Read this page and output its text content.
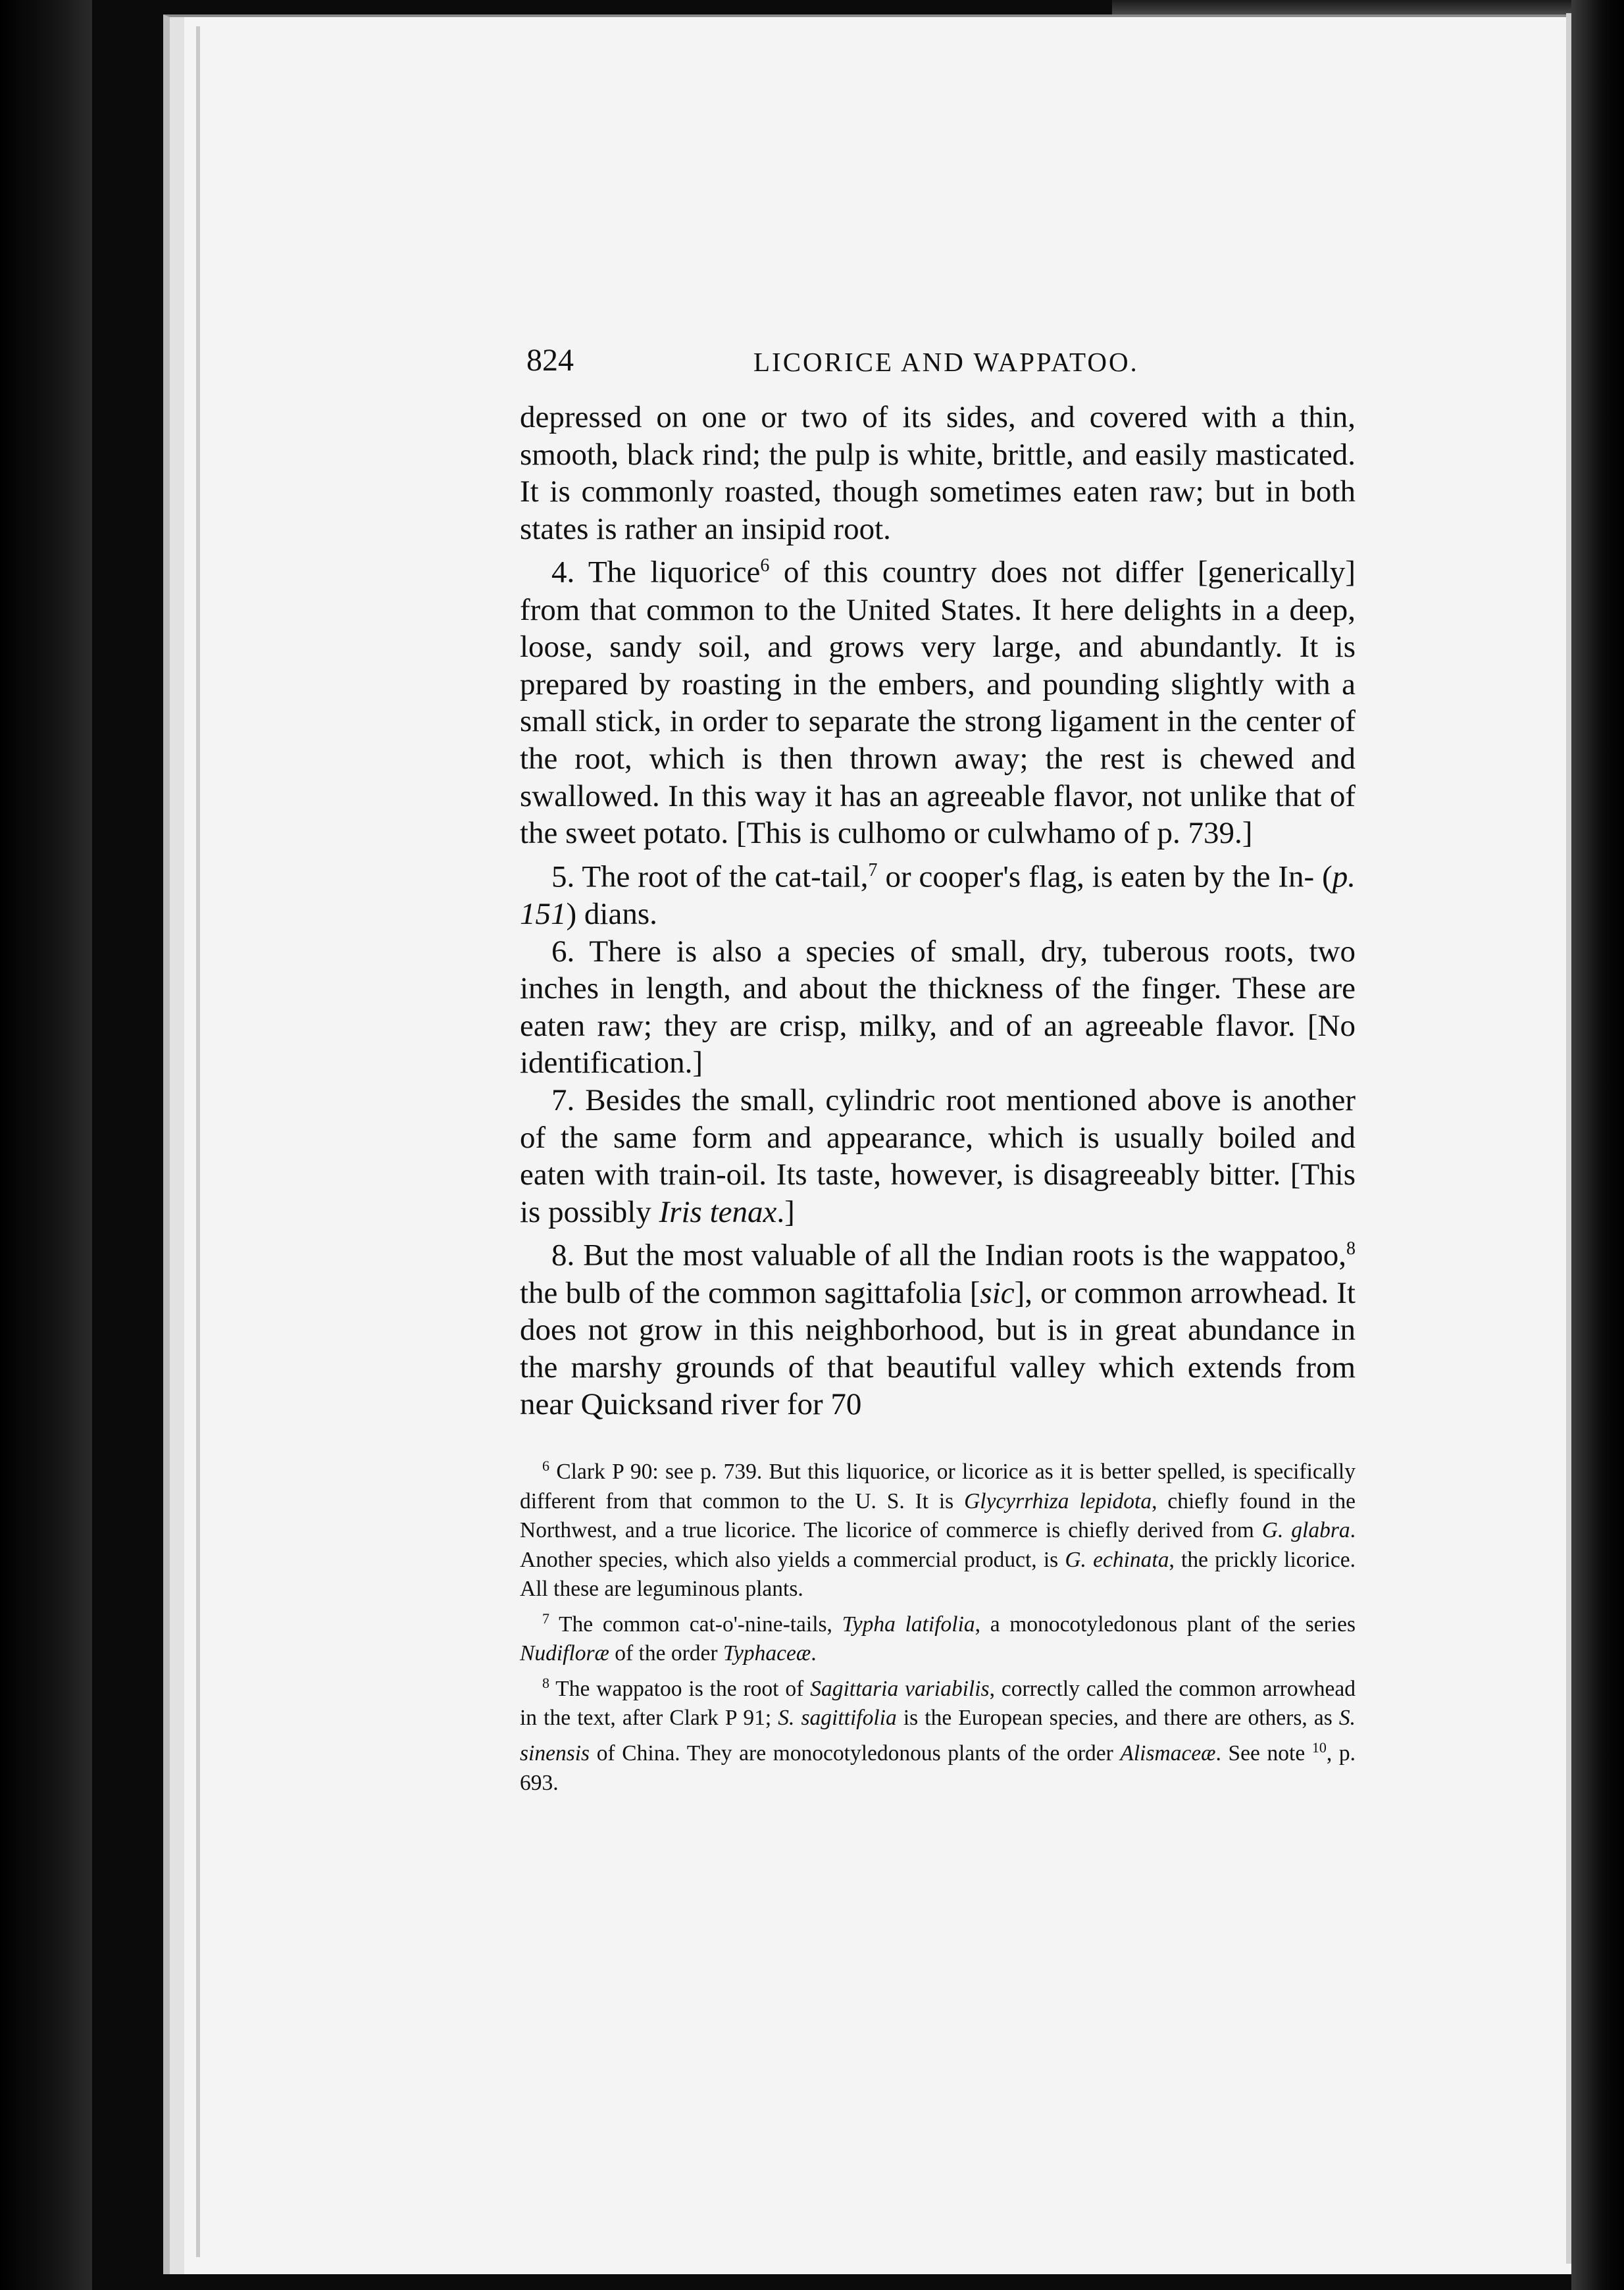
824	LICORICE AND WAPPATOO.

depressed on one or two of its sides, and covered with a thin, smooth, black rind; the pulp is white, brittle, and easily masticated. It is commonly roasted, though sometimes eaten raw; but in both states is rather an insipid root.

4. The liquorice$^6$ of this country does not differ [generically] from that common to the United States. It here delights in a deep, loose, sandy soil, and grows very large, and abundantly. It is prepared by roasting in the embers, and pounding slightly with a small stick, in order to separate the strong ligament in the center of the root, which is then thrown away; the rest is chewed and swallowed. In this way it has an agreeable flavor, not unlike that of the sweet potato. [This is culhomo or culwhamo of p. 739.]

5. The root of the cat-tail,$^7$ or cooper's flag, is eaten by the In- (p. 151) dians.

6. There is also a species of small, dry, tuberous roots, two inches in length, and about the thickness of the finger. These are eaten raw; they are crisp, milky, and of an agreeable flavor. [No identification.]

7. Besides the small, cylindric root mentioned above is another of the same form and appearance, which is usually boiled and eaten with train-oil. Its taste, however, is disagreeably bitter. [This is possibly Iris tenax.]

8. But the most valuable of all the Indian roots is the wappatoo,$^8$ the bulb of the common sagittafolia [sic], or common arrowhead. It does not grow in this neighborhood, but is in great abundance in the marshy grounds of that beautiful valley which extends from near Quicksand river for 70

$^6$ Clark P 90: see p. 739. But this liquorice, or licorice as it is better spelled, is specifically different from that common to the U. S. It is Glycyrrhiza lepidota, chiefly found in the Northwest, and a true licorice. The licorice of commerce is chiefly derived from G. glabra. Another species, which also yields a commercial product, is G. echinata, the prickly licorice. All these are leguminous plants.

$^7$ The common cat-o'-nine-tails, Typha latifolia, a monocotyledonous plant of the series Nudifloræ of the order Typhaceæ.

$^8$ The wappatoo is the root of Sagittaria variabilis, correctly called the common arrowhead in the text, after Clark P 91; S. sagittifolia is the European species, and there are others, as S. sinensis of China. They are monocotyledonous plants of the order Alismaceæ. See note $^{10}$, p. 693.
